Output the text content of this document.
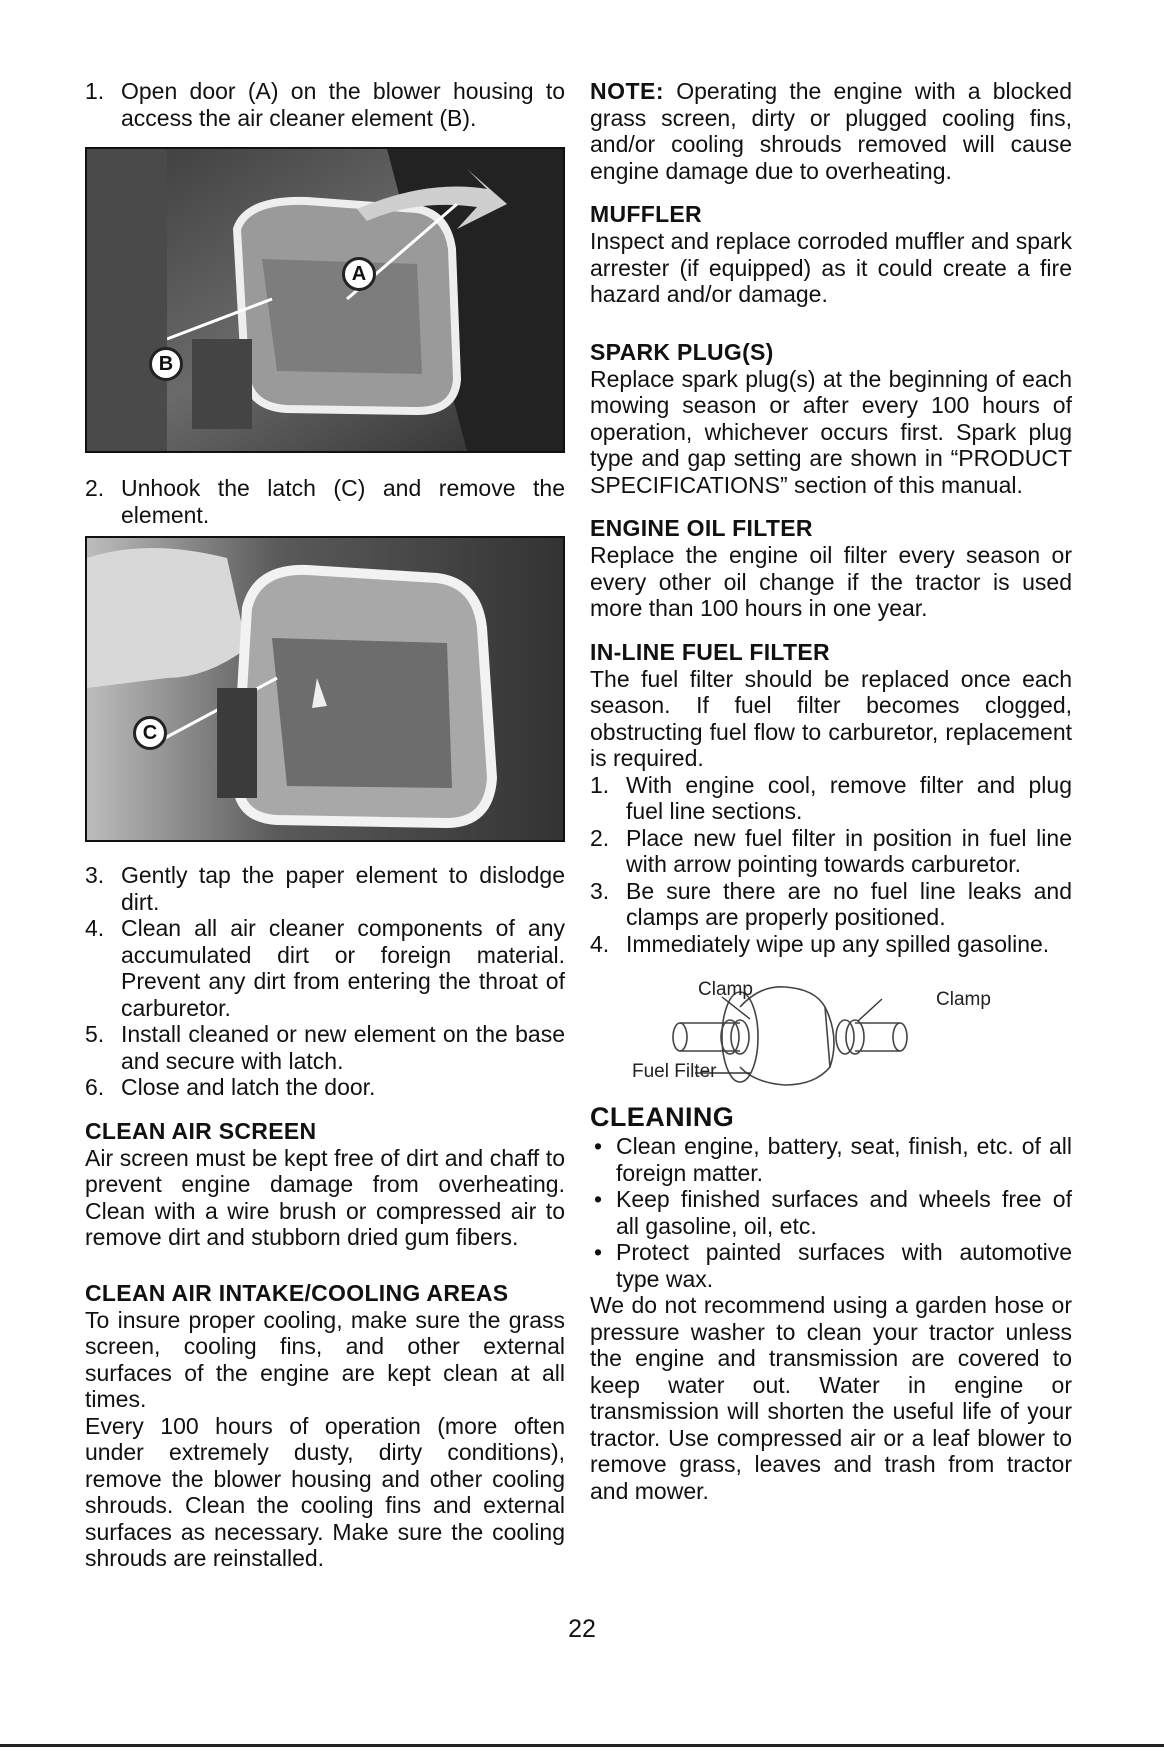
1. Open door (A) on the blower housing to access the air cleaner element (B).
A
B
2. Unhook the latch (C) and remove the element.
C
3. Gently tap the paper element to dislodge dirt.
4. Clean all air cleaner components of any accumulated dirt or foreign material. Prevent any dirt from entering the throat of carburetor.
5. Install cleaned or new element on the base and secure with latch.
6. Close and latch the door.
CLEAN AIR SCREEN

Air screen must be kept free of dirt and chaff to prevent engine damage from overheating. Clean with a wire brush or compressed air to remove dirt and stubborn dried gum fibers.

CLEAN AIR INTAKE/COOLING AREAS

To insure proper cooling, make sure the grass screen, cooling fins, and other external surfaces of the engine are kept clean at all times.

Every 100 hours of operation (more often under extremely dusty, dirty conditions), remove the blower housing and other cooling shrouds. Clean the cooling fins and external surfaces as necessary. Make sure the cooling shrouds are reinstalled.

NOTE: Operating the engine with a blocked grass screen, dirty or plugged cooling fins, and/or cooling shrouds removed will cause engine damage due to overheating.

MUFFLER

Inspect and replace corroded muffler and spark arrester (if equipped) as it could create a fire hazard and/or damage.

SPARK PLUG(S)

Replace spark plug(s) at the beginning of each mowing season or after every 100 hours of operation, whichever occurs first. Spark plug type and gap setting are shown in “PRODUCT SPECIFICATIONS” section of this manual.

ENGINE OIL FILTER

Replace the engine oil filter every season or every other oil change if the tractor is used more than 100 hours in one year.

IN-LINE FUEL FILTER

The fuel filter should be replaced once each season. If fuel filter becomes clogged, obstructing fuel flow to carburetor, replacement is required.

1. With engine cool, remove filter and plug fuel line sections.
2. Place new fuel filter in position in fuel line with arrow pointing towards carburetor.
3. Be sure there are no fuel line leaks and clamps are properly positioned.
4. Immediately wipe up any spilled gasoline.
Clamp	Clamp
Fuel Filter
CLEANING
• Clean engine, battery, seat, finish, etc. of all foreign matter.
• Keep finished surfaces and wheels free of all gasoline, oil, etc.
• Protect painted surfaces with automotive type wax.

We do not recommend using a garden hose or pressure washer to clean your tractor unless the engine and transmission are covered to keep water out. Water in engine or transmission will shorten the useful life of your tractor. Use compressed air or a leaf blower to remove grass, leaves and trash from tractor and mower.

22
